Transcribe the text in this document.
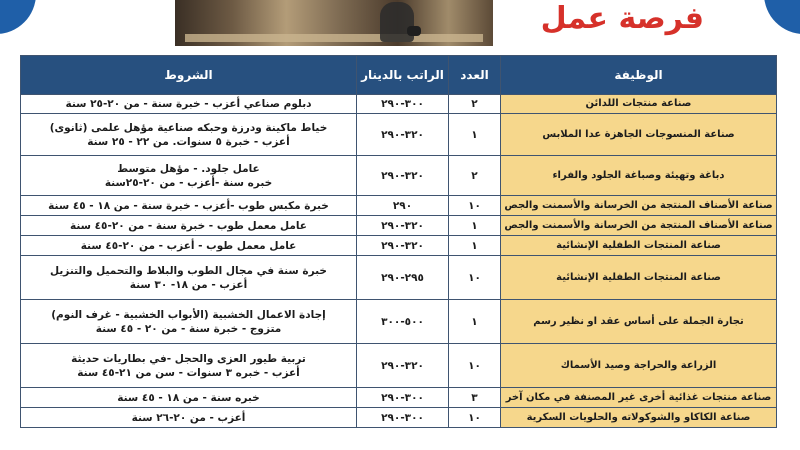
فرصة عمل
الوظيفة	العدد	الراتب بالدينار	الشروط
صناعة منتجات اللدائن	٢	٣٠٠-٢٩٠	دبلوم صناعي أعزب - خبرة سنة - من ٢٠-٢٥ سنة

صناعة المنسوجات الجاهزة عدا الملابس	١	٣٢٠-٢٩٠	خياط ماكينة ودرزة وحبكه صناعية مؤهل علمى (ثانوى)
أعزب - خبرة ٥ سنوات. من ٢٢ - ٢٥ سنة

دباغة وتهيئة وصباغة الجلود والفراء	٢	٣٢٠-٢٩٠	عامل جلود. - مؤهل متوسط
خبره سنة -أعزب - من ٢٠-٢٥سنة

صناعة الأصناف المنتجة من الخرسانة والأسمنت والجص	١٠	٢٩٠	خبرة مكبس طوب -أعزب - خبرة سنة - من ١٨ - ٤٥ سنة

صناعة الأصناف المنتجة من الخرسانة والأسمنت والجص	١	٣٢٠-٢٩٠	عامل معمل طوب - خبرة سنة - من ٢٠-٤٥ سنة

صناعة المنتجات الطفلية الإنشائية	١	٣٢٠-٢٩٠	عامل معمل طوب - أعزب - من ٢٠-٤٥ سنة

صناعة المنتجات الطفلية الإنشائية	١٠	٢٩٥-٢٩٠	خبرة سنة في مجال الطوب والبلاط والتحميل والتنزيل
أعزب - من ١٨- ٣٠ سنة

تجارة الجملة على أساس عقد او نظير رسم	١	٥٠٠-٣٠٠	إجادة الاعمال الخشبية (الأبواب الخشبية - غرف النوم)
متزوج - خبرة سنة - من ٢٠ - ٤٥ سنة

الزراعة والحراجة وصيد الأسماك	١٠	٣٢٠-٢٩٠	تربية طيور العزى والحجل -في بطاريات حديثة
أعزب - خبره ٣ سنوات - سن من ٢١-٤٥ سنة

صناعة منتجات غذائية أخرى غير المصنفة في مكان آخر	٣	٣٠٠-٢٩٠	خبره سنة - من ١٨ - ٤٥ سنة

صناعة الكاكاو والشوكولاته والحلويات السكرية	١٠	٣٠٠-٢٩٠	أعزب - من ٢٠-٢٦ سنة
